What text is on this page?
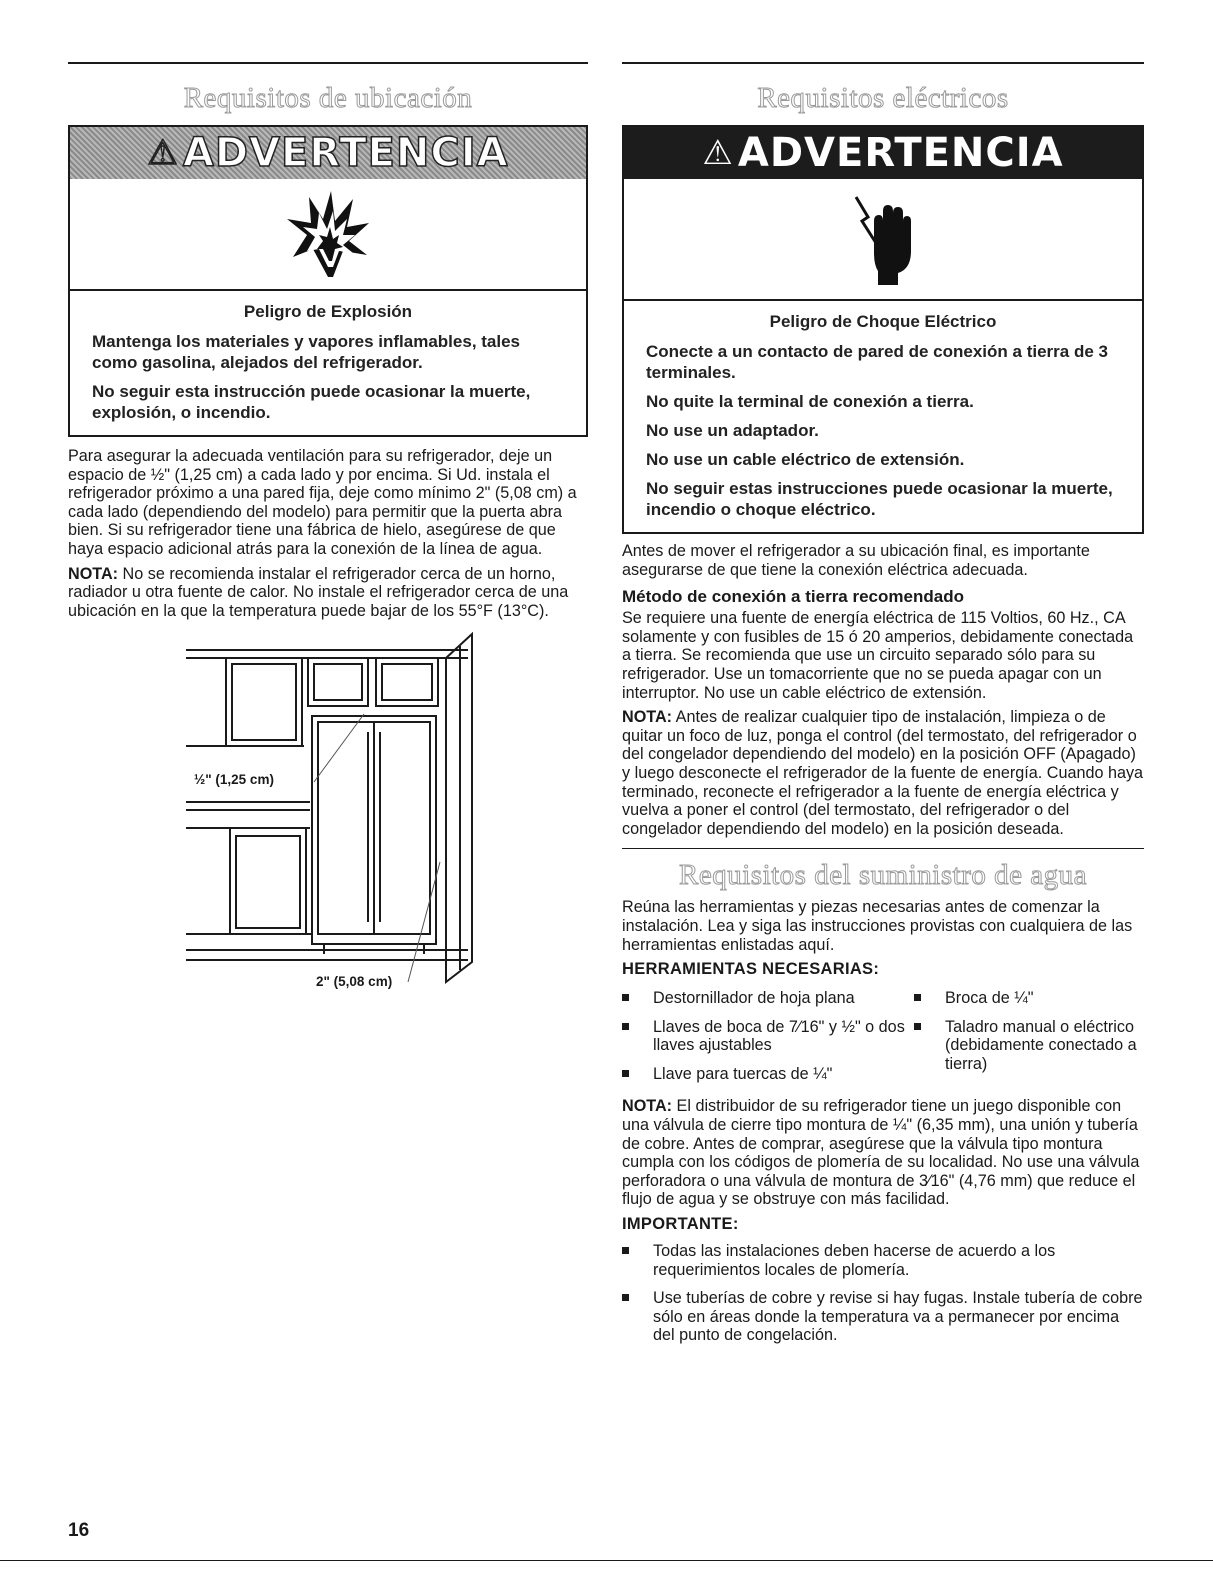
Requisitos de ubicación
⚠ ADVERTENCIA
Peligro de Explosión

Mantenga los materiales y vapores inflamables, tales como gasolina, alejados del refrigerador.

No seguir esta instrucción puede ocasionar la muerte, explosión, o incendio.

Para asegurar la adecuada ventilación para su refrigerador, deje un espacio de ½" (1,25 cm) a cada lado y por encima. Si Ud. instala el refrigerador próximo a una pared fija, deje como mínimo 2" (5,08 cm) a cada lado (dependiendo del modelo) para permitir que la puerta abra bien. Si su refrigerador tiene una fábrica de hielo, asegúrese de que haya espacio adicional atrás para la conexión de la línea de agua.

NOTA: No se recomienda instalar el refrigerador cerca de un horno, radiador u otra fuente de calor. No instale el refrigerador cerca de una ubicación en la que la temperatura puede bajar de los 55°F (13°C).

½" (1,25 cm)
2" (5,08 cm)
Requisitos eléctricos
⚠ ADVERTENCIA
Peligro de Choque Eléctrico

Conecte a un contacto de pared de conexión a tierra de 3 terminales.

No quite la terminal de conexión a tierra.

No use un adaptador.

No use un cable eléctrico de extensión.

No seguir estas instrucciones puede ocasionar la muerte, incendio o choque eléctrico.

Antes de mover el refrigerador a su ubicación final, es importante asegurarse de que tiene la conexión eléctrica adecuada.

Método de conexión a tierra recomendado

Se requiere una fuente de energía eléctrica de 115 Voltios, 60 Hz., CA solamente y con fusibles de 15 ó 20 amperios, debidamente conectada a tierra. Se recomienda que use un circuito separado sólo para su refrigerador. Use un tomacorriente que no se pueda apagar con un interruptor. No use un cable eléctrico de extensión.

NOTA: Antes de realizar cualquier tipo de instalación, limpieza o de quitar un foco de luz, ponga el control (del termostato, del refrigerador o del congelador dependiendo del modelo) en la posición OFF (Apagado) y luego desconecte el refrigerador de la fuente de energía. Cuando haya terminado, reconecte el refrigerador a la fuente de energía eléctrica y vuelva a poner el control (del termostato, del refrigerador o del congelador dependiendo del modelo) en la posición deseada.

Requisitos del suministro de agua

Reúna las herramientas y piezas necesarias antes de comenzar la instalación. Lea y siga las instrucciones provistas con cualquiera de las herramientas enlistadas aquí.

HERRAMIENTAS NECESARIAS:
Destornillador de hoja plana
Llaves de boca de 7⁄16" y ½" o dos llaves ajustables
Llave para tuercas de ¼"
Broca de ¼"
Taladro manual o eléctrico (debidamente conectado a tierra)

NOTA: El distribuidor de su refrigerador tiene un juego disponible con una válvula de cierre tipo montura de ¼" (6,35 mm), una unión y tubería de cobre. Antes de comprar, asegúrese que la válvula tipo montura cumpla con los códigos de plomería de su localidad. No use una válvula perforadora o una válvula de montura de 3⁄16" (4,76 mm) que reduce el flujo de agua y se obstruye con más facilidad.

IMPORTANTE:
Todas las instalaciones deben hacerse de acuerdo a los requerimientos locales de plomería.
Use tuberías de cobre y revise si hay fugas. Instale tubería de cobre sólo en áreas donde la temperatura va a permanecer por encima del punto de congelación.
16
